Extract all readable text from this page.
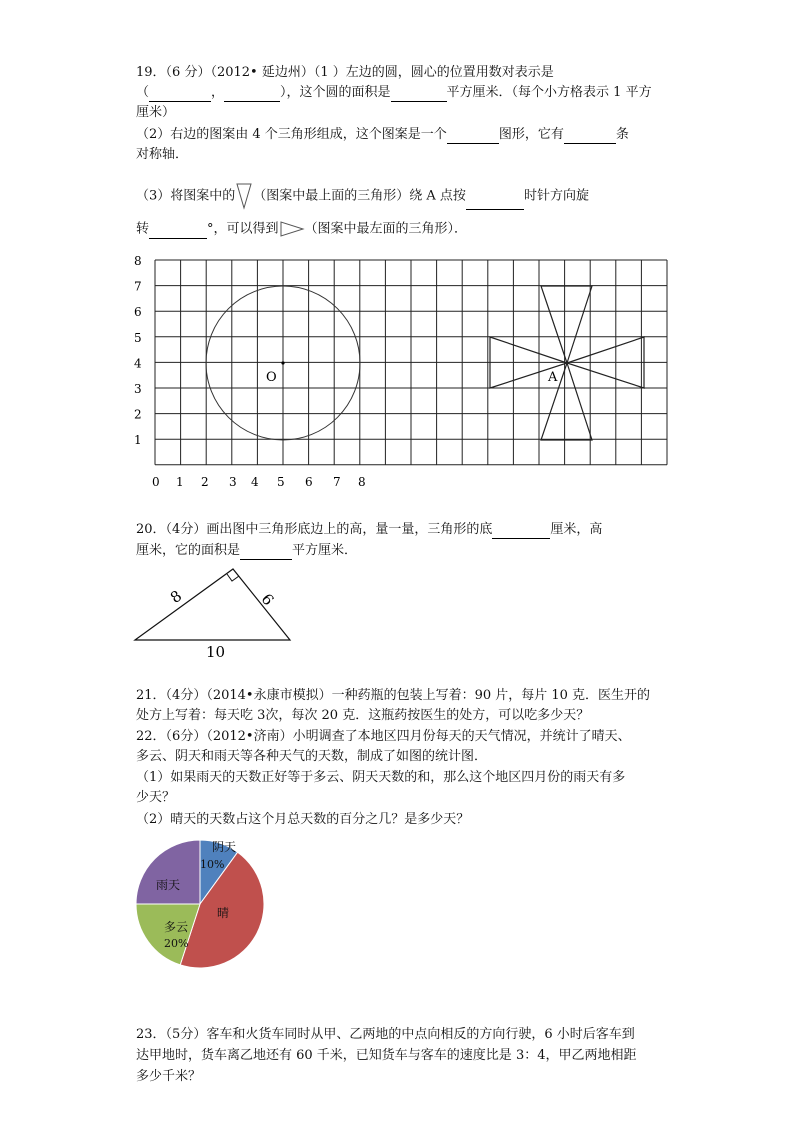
19．（6 分）（2012• 延边州）（1 ）左边的圆，圆心的位置用数对表示是
（	，	），这个圆的面积是	平方厘米．（每个小方格表示 1 平方
厘米）
（2）右边的图案由 4 个三角形组成，这个图案是一个	图形，它有	条
对称轴．
（3）将图案中的 （图案中最上面的三角形）绕 A 点按	时针方向旋
转	°，可以得到 （图案中最左面的三角形）．
8
7
6
5
4
3
2
1
0 1 2 3 4 5 6 7 8
O	A
20．（4分）画出图中三角形底边上的高，量一量，三角形的底	厘米，高
厘米，它的面积是	平方厘米．
8	6
10
21．（4分）（2014•永康市模拟）一种药瓶的包装上写着：90 片，每片 10 克．医生开的
处方上写着：每天吃 3次，每次 20 克．这瓶药按医生的处方，可以吃多少天？
22．（6分）（2012•济南）小明调查了本地区四月份每天的天气情况，并统计了晴天、
多云、阴天和雨天等各种天气的天数，制成了如图的统计图．
（1）如果雨天的天数正好等于多云、阴天天数的和，那么这个地区四月份的雨天有多
少天？
（2）晴天的天数占这个月总天数的百分之几？是多少天？
阴天
10%
晴
多云
20%
雨天
23．（5分）客车和火货车同时从甲、乙两地的中点向相反的方向行驶，6 小时后客车到
达甲地时，货车离乙地还有 60 千米，已知货车与客车的速度比是 3：4，甲乙两地相距
多少千米？
